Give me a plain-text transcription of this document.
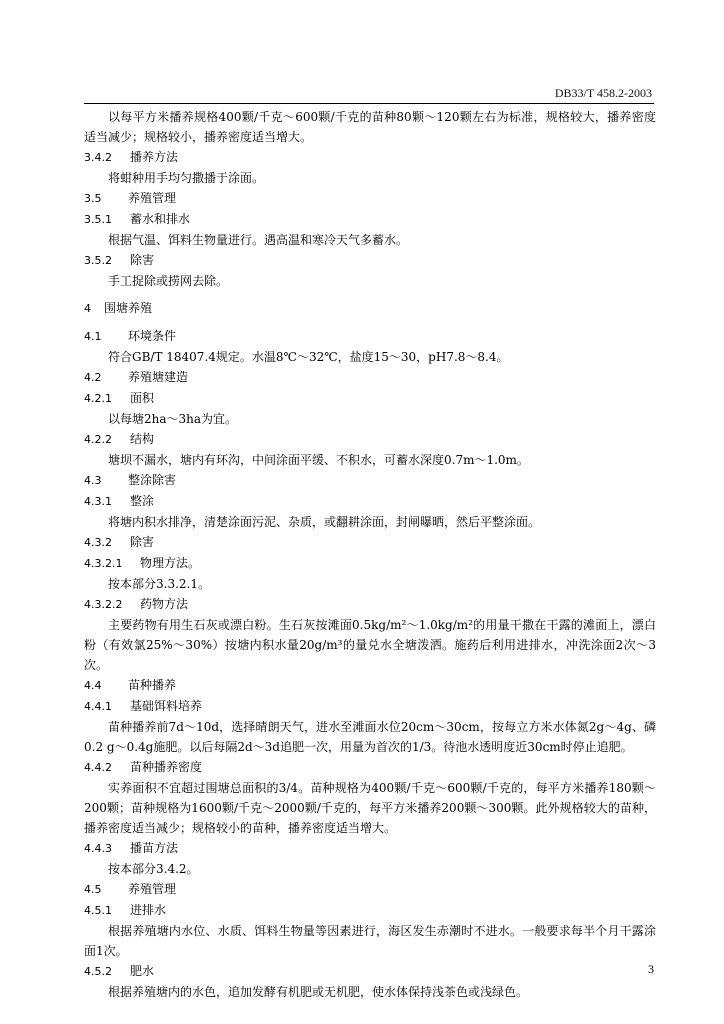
DB33/T 458.2-2003

以每平方米播养规格400颗/千克～600颗/千克的苗种80颗～120颗左右为标准，规格较大，播养密度适当减少；规格较小，播养密度适当增大。

3.4.2 播养方法

将蚶种用手均匀撒播于涂面。

3.5 养殖管理
3.5.1 蓄水和排水

根据气温、饵料生物量进行。遇高温和寒冷天气多蓄水。

3.5.2 除害

手工捉除或捞网去除。

4 围塘养殖
4.1 环境条件

符合GB/T 18407.4规定。水温8℃～32℃，盐度15～30，pH7.8～8.4。

4.2 养殖塘建造
4.2.1 面积

以每塘2ha～3ha为宜。

4.2.2 结构

塘坝不漏水，塘内有环沟，中间涂面平缓、不积水，可蓄水深度0.7m～1.0m。

4.3 整涂除害
4.3.1 整涂

将塘内积水排净，清楚涂面污泥、杂质，或翻耕涂面，封闸曝晒，然后平整涂面。

4.3.2 除害
4.3.2.1 物理方法。

按本部分3.3.2.1。

4.3.2.2 药物方法

主要药物有用生石灰或漂白粉。生石灰按滩面0.5kg/m²～1.0kg/m²的用量干撒在干露的滩面上，漂白粉（有效氯25%～30%）按塘内积水量20g/m³的量兑水全塘泼洒。施药后利用进排水，冲洗涂面2次～3次。

4.4 苗种播养
4.4.1 基础饵料培养

苗种播养前7d～10d，选择晴朗天气，进水至滩面水位20cm～30cm，按每立方米水体氮2g～4g、磷0.2 g～0.4g施肥。以后每隔2d～3d追肥一次，用量为首次的1/3。待池水透明度近30cm时停止追肥。

4.4.2 苗种播养密度

实养面积不宜超过围塘总面积的3/4。苗种规格为400颗/千克～600颗/千克的，每平方米播养180颗～200颗；苗种规格为1600颗/千克～2000颗/千克的，每平方米播养200颗～300颗。此外规格较大的苗种，播养密度适当减少；规格较小的苗种，播养密度适当增大。

4.4.3 播苗方法

按本部分3.4.2。

4.5 养殖管理
4.5.1 进排水

根据养殖塘内水位、水质、饵料生物量等因素进行，海区发生赤潮时不进水。一般要求每半个月干露涂面1次。

4.5.2 肥水

根据养殖塘内的水色，追加发酵有机肥或无机肥，使水体保持浅茶色或浅绿色。

3
